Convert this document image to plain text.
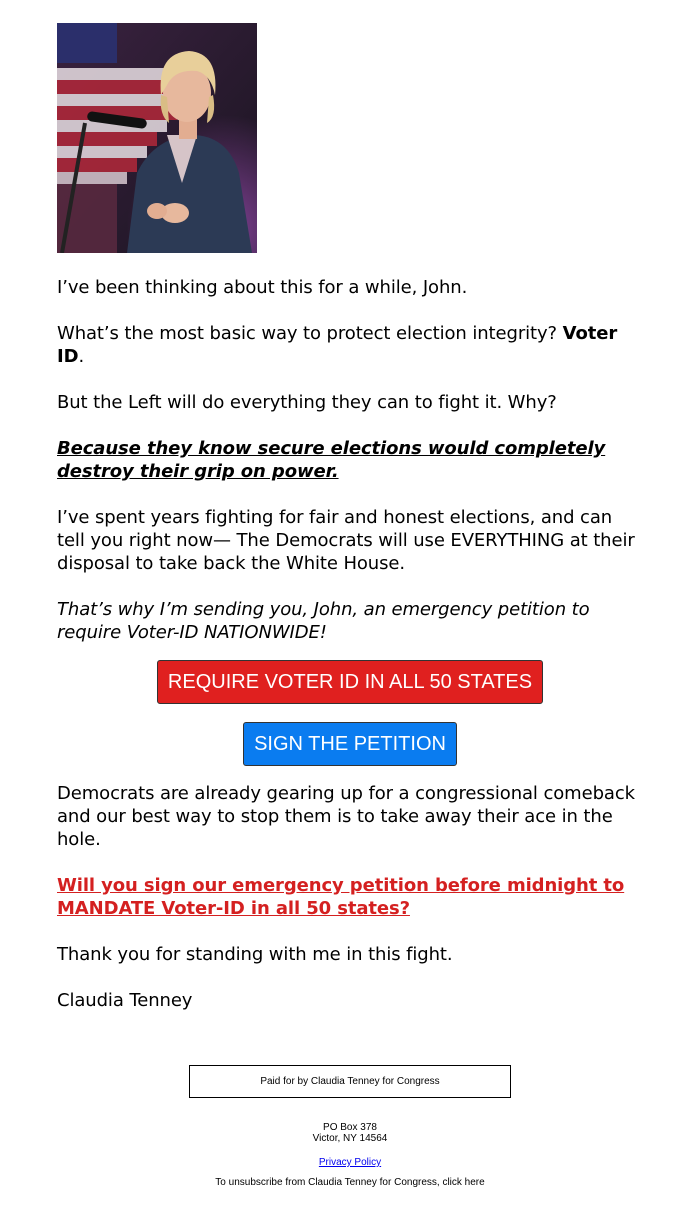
I’ve been thinking about this for a while, John.

What’s the most basic way to protect election integrity? Voter ID.

But the Left will do everything they can to fight it. Why?

Because they know secure elections would completely destroy their grip on power.

I’ve spent years fighting for fair and honest elections, and can tell you right now— The Democrats will use EVERYTHING at their disposal to take back the White House.

That’s why I’m sending you, John, an emergency petition to require Voter-ID NATIONWIDE!

REQUIRE VOTER ID IN ALL 50 STATES
SIGN THE PETITION

Democrats are already gearing up for a congressional comeback and our best way to stop them is to take away their ace in the hole.

Will you sign our emergency petition before midnight to MANDATE Voter-ID in all 50 states?

Thank you for standing with me in this fight.

Claudia Tenney

Paid for by Claudia Tenney for Congress
PO Box 378
Victor, NY 14564
Privacy Policy
To unsubscribe from Claudia Tenney for Congress, click here
